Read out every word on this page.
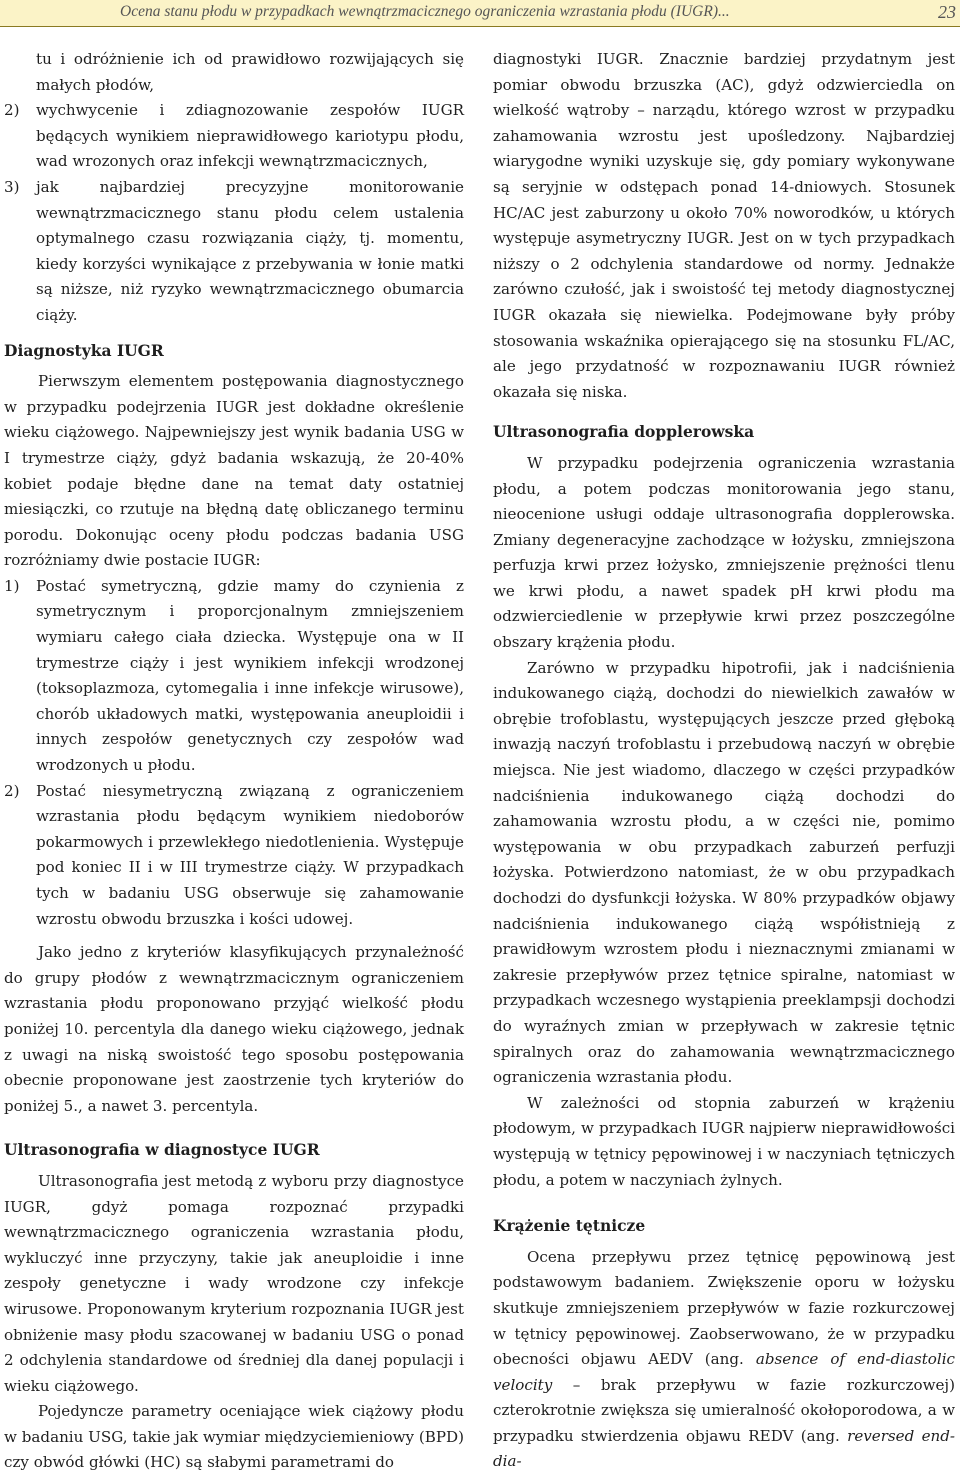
Ocena stanu płodu w przypadkach wewnątrzmacicznego ograniczenia wzrastania płodu (IUGR)...	23

tu i odróżnienie ich od prawidłowo rozwijających się małych płodów,

2) wychwycenie i zdiagnozowanie zespołów IUGR będących wynikiem nieprawidłowego kariotypu płodu, wad wrozonych oraz infekcji wewnątrzmacicznych,
3) jak najbardziej precyzyjne monitorowanie wewnątrzmacicznego stanu płodu celem ustalenia optymalnego czasu rozwiązania ciąży, tj. momentu, kiedy korzyści wynikające z przebywania w łonie matki są niższe, niż ryzyko wewnątrzmacicznego obumarcia ciąży.
Diagnostyka IUGR

Pierwszym elementem postępowania diagnostycznego w przypadku podejrzenia IUGR jest dokładne określenie wieku ciążowego. Najpewniejszy jest wynik badania USG w I trymestrze ciąży, gdyż badania wskazują, że 20-40% kobiet podaje błędne dane na temat daty ostatniej miesiączki, co rzutuje na błędną datę obliczanego terminu porodu. Dokonując oceny płodu podczas badania USG rozróżniamy dwie postacie IUGR:

1) Postać symetryczną, gdzie mamy do czynienia z symetrycznym i proporcjonalnym zmniejszeniem wymiaru całego ciała dziecka. Występuje ona w II trymestrze ciąży i jest wynikiem infekcji wrodzonej (toksoplazmoza, cytomegalia i inne infekcje wirusowe), chorób układowych matki, występowania aneuploidii i innych zespołów genetycznych czy zespołów wad wrodzonych u płodu.
2) Postać niesymetryczną związaną z ograniczeniem wzrastania płodu będącym wynikiem niedoborów pokarmowych i przewlekłego niedotlenienia. Występuje pod koniec II i w III trymestrze ciąży. W przypadkach tych w badaniu USG obserwuje się zahamowanie wzrostu obwodu brzuszka i kości udowej.

Jako jedno z kryteriów klasyfikujących przynależność do grupy płodów z wewnątrzmacicznym ograniczeniem wzrastania płodu proponowano przyjąć wielkość płodu poniżej 10. percentyla dla danego wieku ciążowego, jednak z uwagi na niską swoistość tego sposobu postępowania obecnie proponowane jest zaostrzenie tych kryteriów do poniżej 5., a nawet 3. percentyla.

Ultrasonografia w diagnostyce IUGR

Ultrasonografia jest metodą z wyboru przy diagnostyce IUGR, gdyż pomaga rozpoznać przypadki wewnątrzmacicznego ograniczenia wzrastania płodu, wykluczyć inne przyczyny, takie jak aneuploidie i inne zespoły genetyczne i wady wrodzone czy infekcje wirusowe. Proponowanym kryterium rozpoznania IUGR jest obniżenie masy płodu szacowanej w badaniu USG o ponad 2 odchylenia standardowe od średniej dla danej populacji i wieku ciążowego.

Pojedyncze parametry oceniające wiek ciążowy płodu w badaniu USG, takie jak wymiar międzyciemieniowy (BPD) czy obwód główki (HC) są słabymi parametrami do

diagnostyki IUGR. Znacznie bardziej przydatnym jest pomiar obwodu brzuszka (AC), gdyż odzwierciedla on wielkość wątroby – narządu, którego wzrost w przypadku zahamowania wzrostu jest upośledzony. Najbardziej wiarygodne wyniki uzyskuje się, gdy pomiary wykonywane są seryjnie w odstępach ponad 14-dniowych. Stosunek HC/AC jest zaburzony u około 70% noworodków, u których występuje asymetryczny IUGR. Jest on w tych przypadkach niższy o 2 odchylenia standardowe od normy. Jednakże zarówno czułość, jak i swoistość tej metody diagnostycznej IUGR okazała się niewielka. Podejmowane były próby stosowania wskaźnika opierającego się na stosunku FL/AC, ale jego przydatność w rozpoznawaniu IUGR również okazała się niska.

Ultrasonografia dopplerowska

W przypadku podejrzenia ograniczenia wzrastania płodu, a potem podczas monitorowania jego stanu, nieocenione usługi oddaje ultrasonografia dopplerowska. Zmiany degeneracyjne zachodzące w łożysku, zmniejszona perfuzja krwi przez łożysko, zmniejszenie prężności tlenu we krwi płodu, a nawet spadek pH krwi płodu ma odzwierciedlenie w przepływie krwi przez poszczególne obszary krążenia płodu.

Zarówno w przypadku hipotrofii, jak i nadciśnienia indukowanego ciążą, dochodzi do niewielkich zawałów w obrębie trofoblastu, występujących jeszcze przed głęboką inwazją naczyń trofoblastu i przebudową naczyń w obrębie miejsca. Nie jest wiadomo, dlaczego w części przypadków nadciśnienia indukowanego ciążą dochodzi do zahamowania wzrostu płodu, a w części nie, pomimo występowania w obu przypadkach zaburzeń perfuzji łożyska. Potwierdzono natomiast, że w obu przypadkach dochodzi do dysfunkcji łożyska. W 80% przypadków objawy nadciśnienia indukowanego ciążą współistnieją z prawidłowym wzrostem płodu i nieznacznymi zmianami w zakresie przepływów przez tętnice spiralne, natomiast w przypadkach wczesnego wystąpienia preeklampsji dochodzi do wyraźnych zmian w przepływach w zakresie tętnic spiralnych oraz do zahamowania wewnątrzmacicznego ograniczenia wzrastania płodu.

W zależności od stopnia zaburzeń w krążeniu płodowym, w przypadkach IUGR najpierw nieprawidłowości występują w tętnicy pępowinowej i w naczyniach tętniczych płodu, a potem w naczyniach żylnych.

Krążenie tętnicze

Ocena przepływu przez tętnicę pępowinową jest podstawowym badaniem. Zwiększenie oporu w łożysku skutkuje zmniejszeniem przepływów w fazie rozkurczowej w tętnicy pępowinowej. Zaobserwowano, że w przypadku obecności objawu AEDV (ang. absence of end-diastolic velocity – brak przepływu w fazie rozkurczowej) czterokrotnie zwiększa się umieralność okołoporodowa, a w przypadku stwierdzenia objawu REDV (ang. reversed end-dia-
